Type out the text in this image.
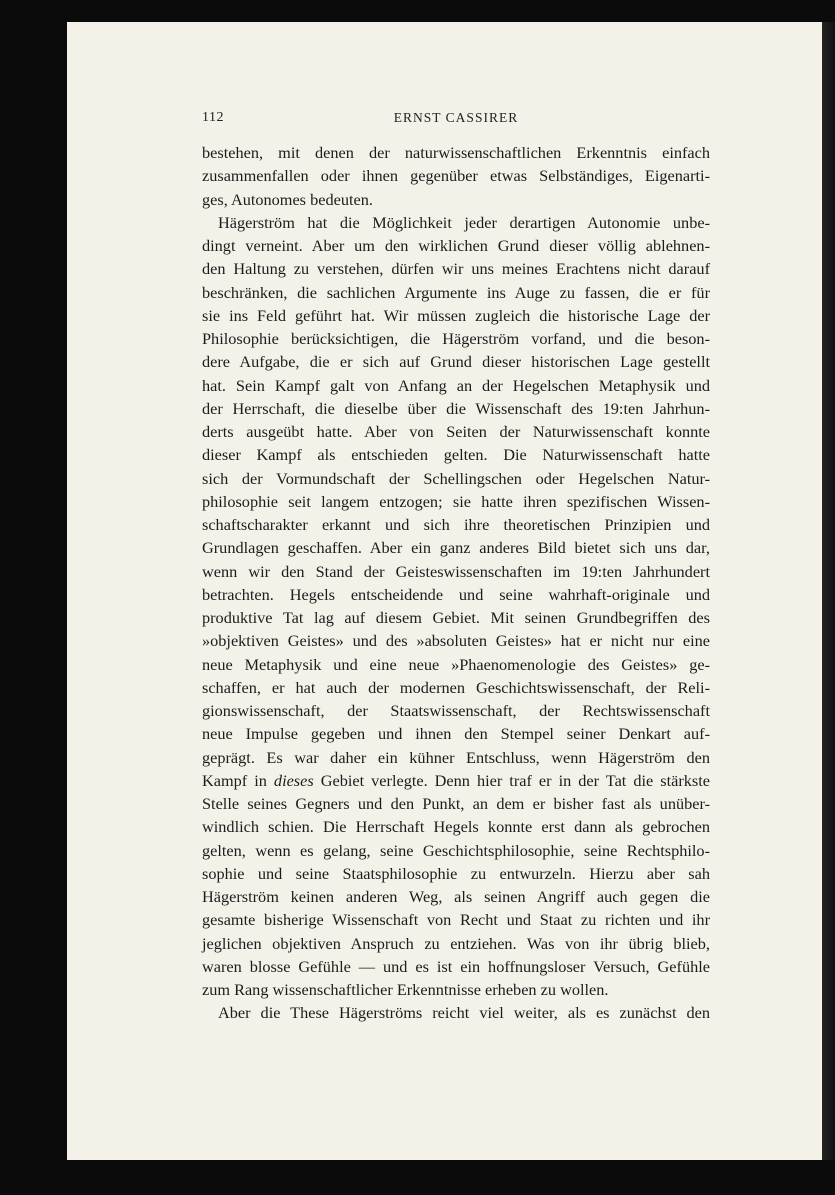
112	ERNST CASSIRER
bestehen, mit denen der naturwissenschaftlichen Erkenntnis einfach
zusammenfallen oder ihnen gegenüber etwas Selbständiges, Eigenarti-
ges, Autonomes bedeuten.
Hägerström hat die Möglichkeit jeder derartigen Autonomie unbe-
dingt verneint. Aber um den wirklichen Grund dieser völlig ablehnen-
den Haltung zu verstehen, dürfen wir uns meines Erachtens nicht darauf
beschränken, die sachlichen Argumente ins Auge zu fassen, die er für
sie ins Feld geführt hat. Wir müssen zugleich die historische Lage der
Philosophie berücksichtigen, die Hägerström vorfand, und die beson-
dere Aufgabe, die er sich auf Grund dieser historischen Lage gestellt
hat. Sein Kampf galt von Anfang an der Hegelschen Metaphysik und
der Herrschaft, die dieselbe über die Wissenschaft des 19:ten Jahrhun-
derts ausgeübt hatte. Aber von Seiten der Naturwissenschaft konnte
dieser Kampf als entschieden gelten. Die Naturwissenschaft hatte
sich der Vormundschaft der Schellingschen oder Hegelschen Natur-
philosophie seit langem entzogen; sie hatte ihren spezifischen Wissen-
schaftscharakter erkannt und sich ihre theoretischen Prinzipien und
Grundlagen geschaffen. Aber ein ganz anderes Bild bietet sich uns dar,
wenn wir den Stand der Geisteswissenschaften im 19:ten Jahrhundert
betrachten. Hegels entscheidende und seine wahrhaft-originale und
produktive Tat lag auf diesem Gebiet. Mit seinen Grundbegriffen des
»objektiven Geistes» und des »absoluten Geistes» hat er nicht nur eine
neue Metaphysik und eine neue »Phaenomenologie des Geistes» ge-
schaffen, er hat auch der modernen Geschichtswissenschaft, der Reli-
gionswissenschaft, der Staatswissenschaft, der Rechtswissenschaft
neue Impulse gegeben und ihnen den Stempel seiner Denkart auf-
geprägt. Es war daher ein kühner Entschluss, wenn Hägerström den
Kampf in dieses Gebiet verlegte. Denn hier traf er in der Tat die stärkste
Stelle seines Gegners und den Punkt, an dem er bisher fast als unüber-
windlich schien. Die Herrschaft Hegels konnte erst dann als gebrochen
gelten, wenn es gelang, seine Geschichtsphilosophie, seine Rechtsphilo-
sophie und seine Staatsphilosophie zu entwurzeln. Hierzu aber sah
Hägerström keinen anderen Weg, als seinen Angriff auch gegen die
gesamte bisherige Wissenschaft von Recht und Staat zu richten und ihr
jeglichen objektiven Anspruch zu entziehen. Was von ihr übrig blieb,
waren blosse Gefühle — und es ist ein hoffnungsloser Versuch, Gefühle
zum Rang wissenschaftlicher Erkenntnisse erheben zu wollen.
Aber die These Hägerströms reicht viel weiter, als es zunächst den
